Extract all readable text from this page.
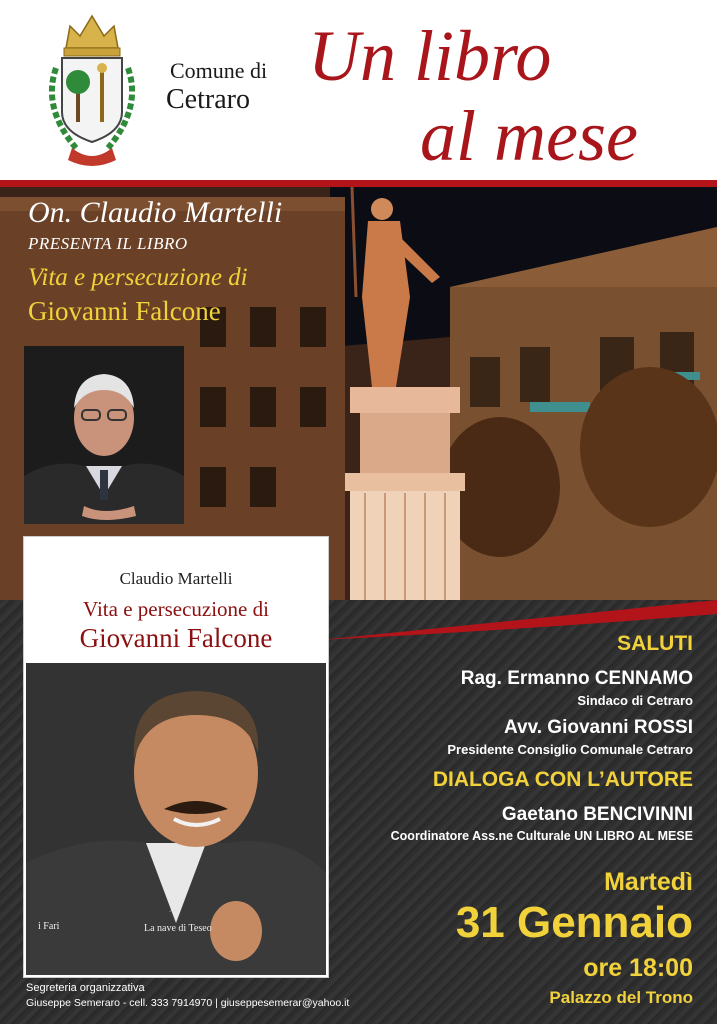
Comune di
Cetraro
Un libro
al mese
On. Claudio Martelli
PRESENTA IL LIBRO
Vita e persecuzione di
Giovanni Falcone
Claudio Martelli
Vita e persecuzione di
Giovanni Falcone
i Fari
⌒
La nave di Teseo
SALUTI
Rag. Ermanno CENNAMO
Sindaco di Cetraro
Avv. Giovanni ROSSI
Presidente Consiglio Comunale Cetraro
DIALOGA CON L’AUTORE
Gaetano BENCIVINNI
Coordinatore Ass.ne Culturale UN LIBRO AL MESE
Martedì
31 Gennaio
ore 18:00
Palazzo del Trono
Segreteria organizzativa
Giuseppe Semeraro - cell. 333 7914970 | giuseppesemerar@yahoo.it
